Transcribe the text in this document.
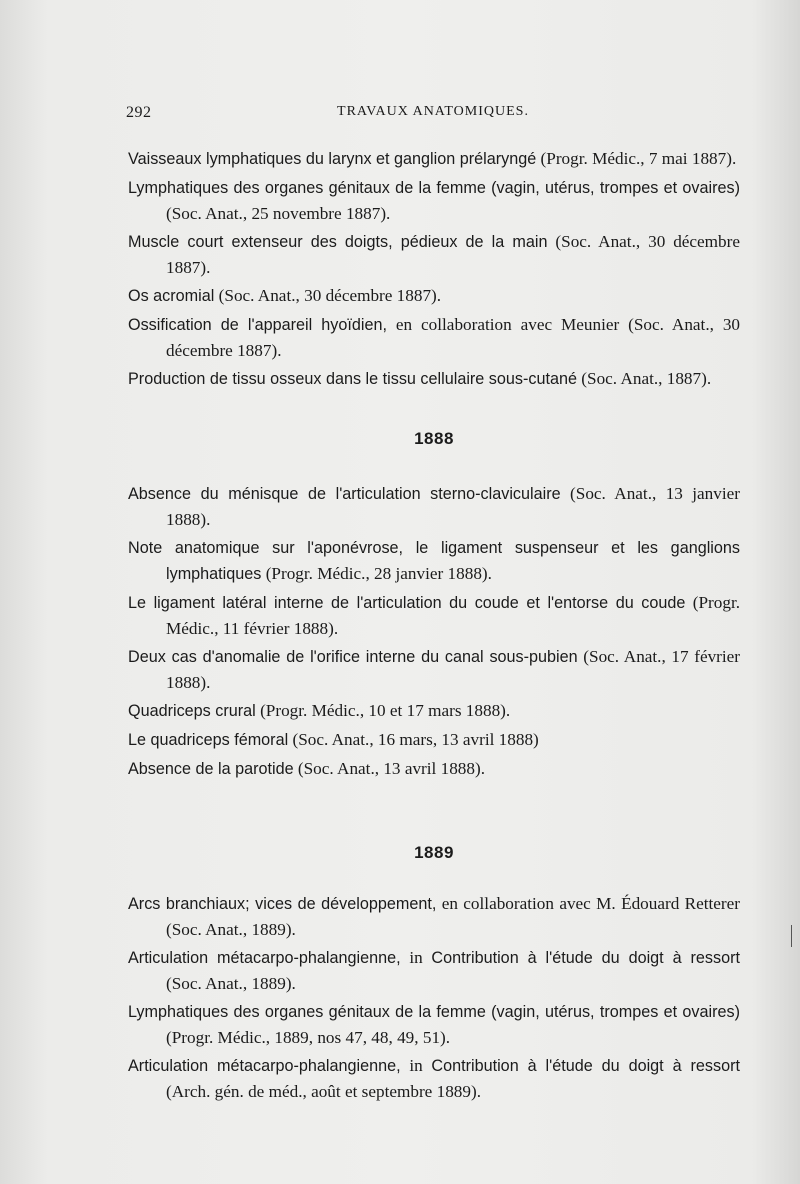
292	TRAVAUX ANATOMIQUES.

Vaisseaux lymphatiques du larynx et ganglion prélaryngé (Progr. Médic., 7 mai 1887).

Lymphatiques des organes génitaux de la femme (vagin, utérus, trompes et ovaires) (Soc. Anat., 25 novembre 1887).

Muscle court extenseur des doigts, pédieux de la main (Soc. Anat., 30 décembre 1887).

Os acromial (Soc. Anat., 30 décembre 1887).

Ossification de l'appareil hyoïdien, en collaboration avec Meunier (Soc. Anat., 30 décembre 1887).

Production de tissu osseux dans le tissu cellulaire sous-cutané (Soc. Anat., 1887).

1888

Absence du ménisque de l'articulation sterno-claviculaire (Soc. Anat., 13 janvier 1888).

Note anatomique sur l'aponévrose, le ligament suspenseur et les ganglions lymphatiques (Progr. Médic., 28 janvier 1888).

Le ligament latéral interne de l'articulation du coude et l'entorse du coude (Progr. Médic., 11 février 1888).

Deux cas d'anomalie de l'orifice interne du canal sous-pubien (Soc. Anat., 17 février 1888).

Quadriceps crural (Progr. Médic., 10 et 17 mars 1888).

Le quadriceps fémoral (Soc. Anat., 16 mars, 13 avril 1888)

Absence de la parotide (Soc. Anat., 13 avril 1888).

1889

Arcs branchiaux; vices de développement, en collaboration avec M. Édouard Retterer (Soc. Anat., 1889).

Articulation métacarpo-phalangienne, in Contribution à l'étude du doigt à ressort (Soc. Anat., 1889).

Lymphatiques des organes génitaux de la femme (vagin, utérus, trompes et ovaires) (Progr. Médic., 1889, nos 47, 48, 49, 51).

Articulation métacarpo-phalangienne, in Contribution à l'étude du doigt à ressort (Arch. gén. de méd., août et septembre 1889).
